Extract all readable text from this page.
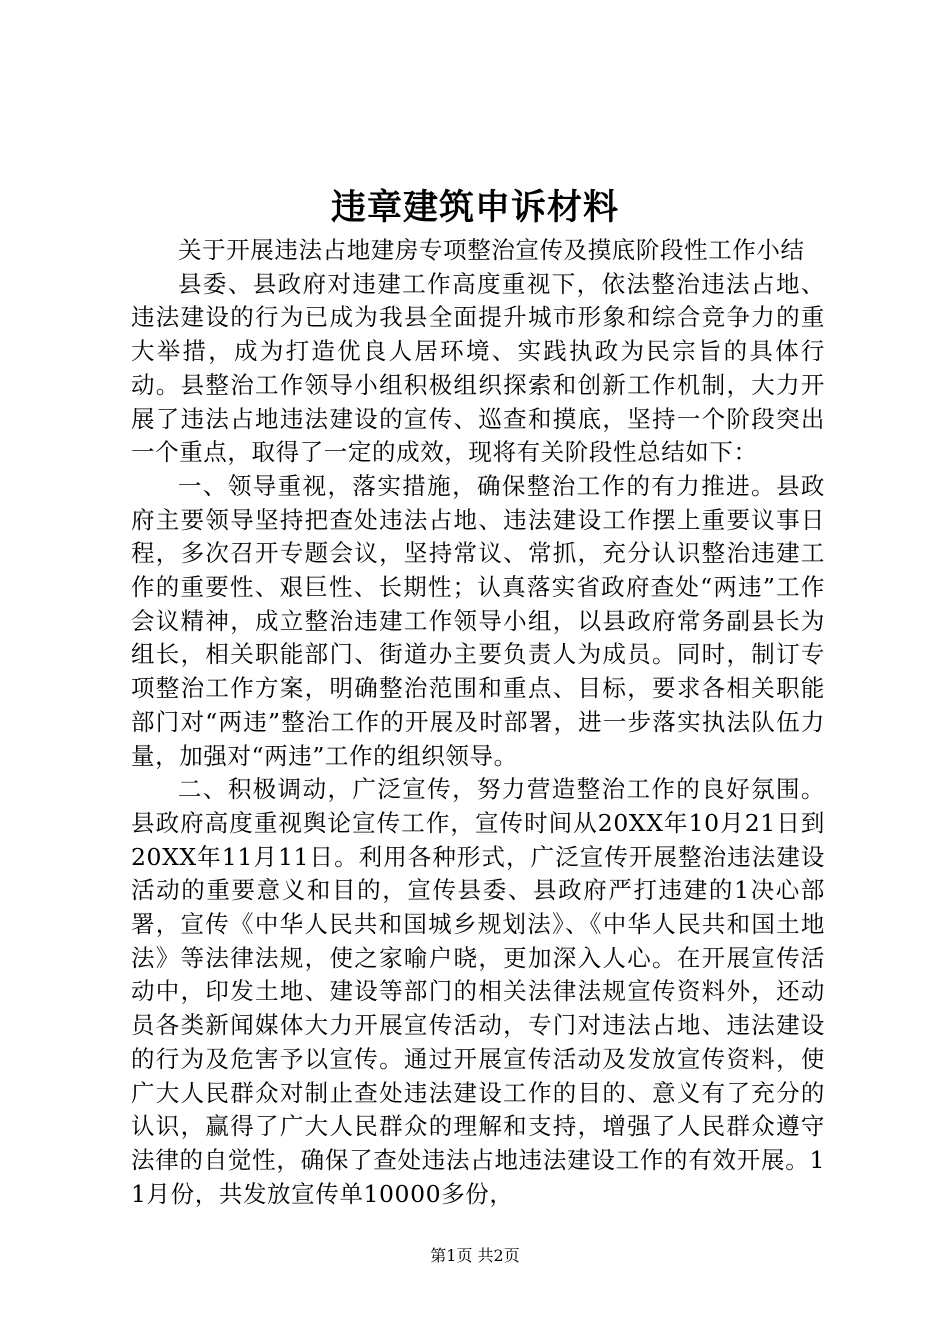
违章建筑申诉材料

关于开展违法占地建房专项整治宣传及摸底阶段性工作小结

县委、县政府对违建工作高度重视下，依法整治违法占地、违法建设的行为已成为我县全面提升城市形象和综合竞争力的重大举措，成为打造优良人居环境、实践执政为民宗旨的具体行动。县整治工作领导小组积极组织探索和创新工作机制，大力开展了违法占地违法建设的宣传、巡查和摸底，坚持一个阶段突出一个重点，取得了一定的成效，现将有关阶段性总结如下：

一、领导重视，落实措施，确保整治工作的有力推进。县政府主要领导坚持把查处违法占地、违法建设工作摆上重要议事日程，多次召开专题会议，坚持常议、常抓，充分认识整治违建工作的重要性、艰巨性、长期性；认真落实省政府查处“两违”工作会议精神，成立整治违建工作领导小组，以县政府常务副县长为组长，相关职能部门、街道办主要负责人为成员。同时，制订专项整治工作方案，明确整治范围和重点、目标，要求各相关职能部门对“两违”整治工作的开展及时部署，进一步落实执法队伍力量，加强对“两违”工作的组织领导。

二、积极调动，广泛宣传，努力营造整治工作的良好氛围。县政府高度重视舆论宣传工作，宣传时间从20XX年10月21日到20XX年11月11日。利用各种形式，广泛宣传开展整治违法建设活动的重要意义和目的，宣传县委、县政府严打违建的1决心部署，宣传《中华人民共和国城乡规划法》、《中华人民共和国土地法》等法律法规，使之家喻户晓，更加深入人心。在开展宣传活动中，印发土地、建设等部门的相关法律法规宣传资料外，还动员各类新闻媒体大力开展宣传活动，专门对违法占地、违法建设的行为及危害予以宣传。通过开展宣传活动及发放宣传资料，使广大人民群众对制止查处违法建设工作的目的、意义有了充分的认识，赢得了广大人民群众的理解和支持，增强了人民群众遵守法律的自觉性，确保了查处违法占地违法建设工作的有效开展。11月份，共发放宣传单10000多份，

第1页 共2页
